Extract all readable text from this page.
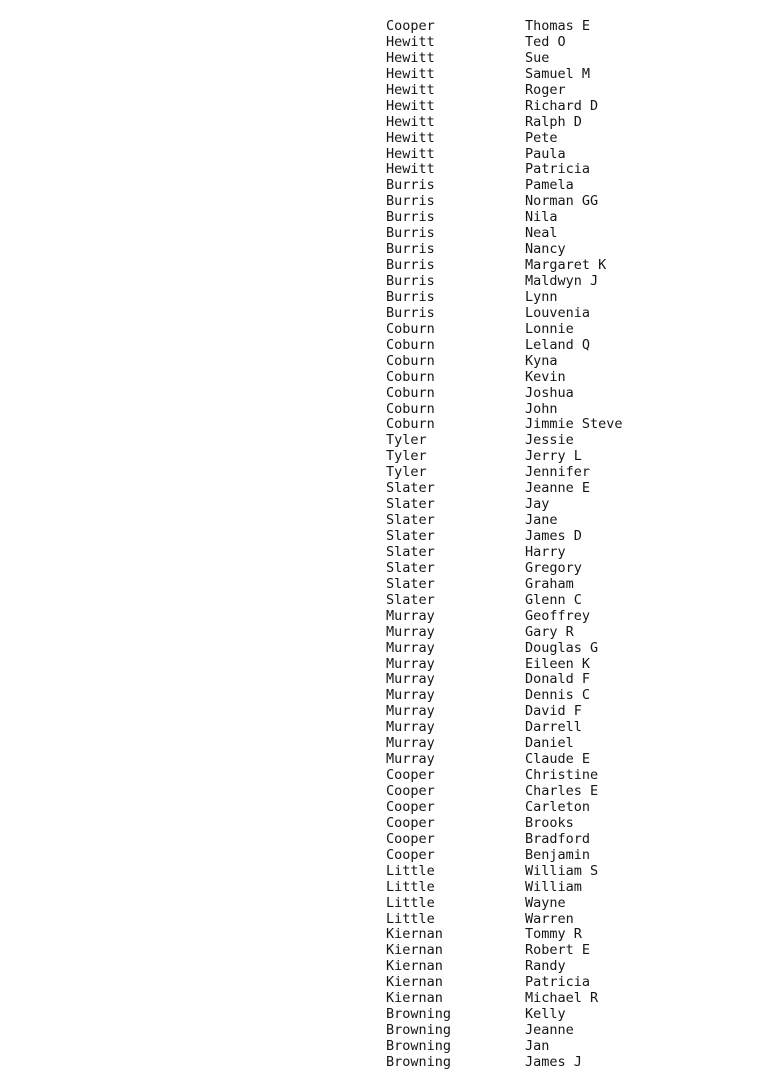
Cooper	Thomas E
Hewitt	Ted O
Hewitt	Sue
Hewitt	Samuel M
Hewitt	Roger
Hewitt	Richard D
Hewitt	Ralph D
Hewitt	Pete
Hewitt	Paula
Hewitt	Patricia
Burris	Pamela
Burris	Norman GG
Burris	Nila
Burris	Neal
Burris	Nancy
Burris	Margaret K
Burris	Maldwyn J
Burris	Lynn
Burris	Louvenia
Coburn	Lonnie
Coburn	Leland Q
Coburn	Kyna
Coburn	Kevin
Coburn	Joshua
Coburn	John
Coburn	Jimmie Steve
Tyler	Jessie
Tyler	Jerry L
Tyler	Jennifer
Slater	Jeanne E
Slater	Jay
Slater	Jane
Slater	James D
Slater	Harry
Slater	Gregory
Slater	Graham
Slater	Glenn C
Murray	Geoffrey
Murray	Gary R
Murray	Douglas G
Murray	Eileen K
Murray	Donald F
Murray	Dennis C
Murray	David F
Murray	Darrell
Murray	Daniel
Murray	Claude E
Cooper	Christine
Cooper	Charles E
Cooper	Carleton
Cooper	Brooks
Cooper	Bradford
Cooper	Benjamin
Little	William S
Little	William
Little	Wayne
Little	Warren
Kiernan	Tommy R
Kiernan	Robert E
Kiernan	Randy
Kiernan	Patricia
Kiernan	Michael R
Browning	Kelly
Browning	Jeanne
Browning	Jan
Browning	James J
